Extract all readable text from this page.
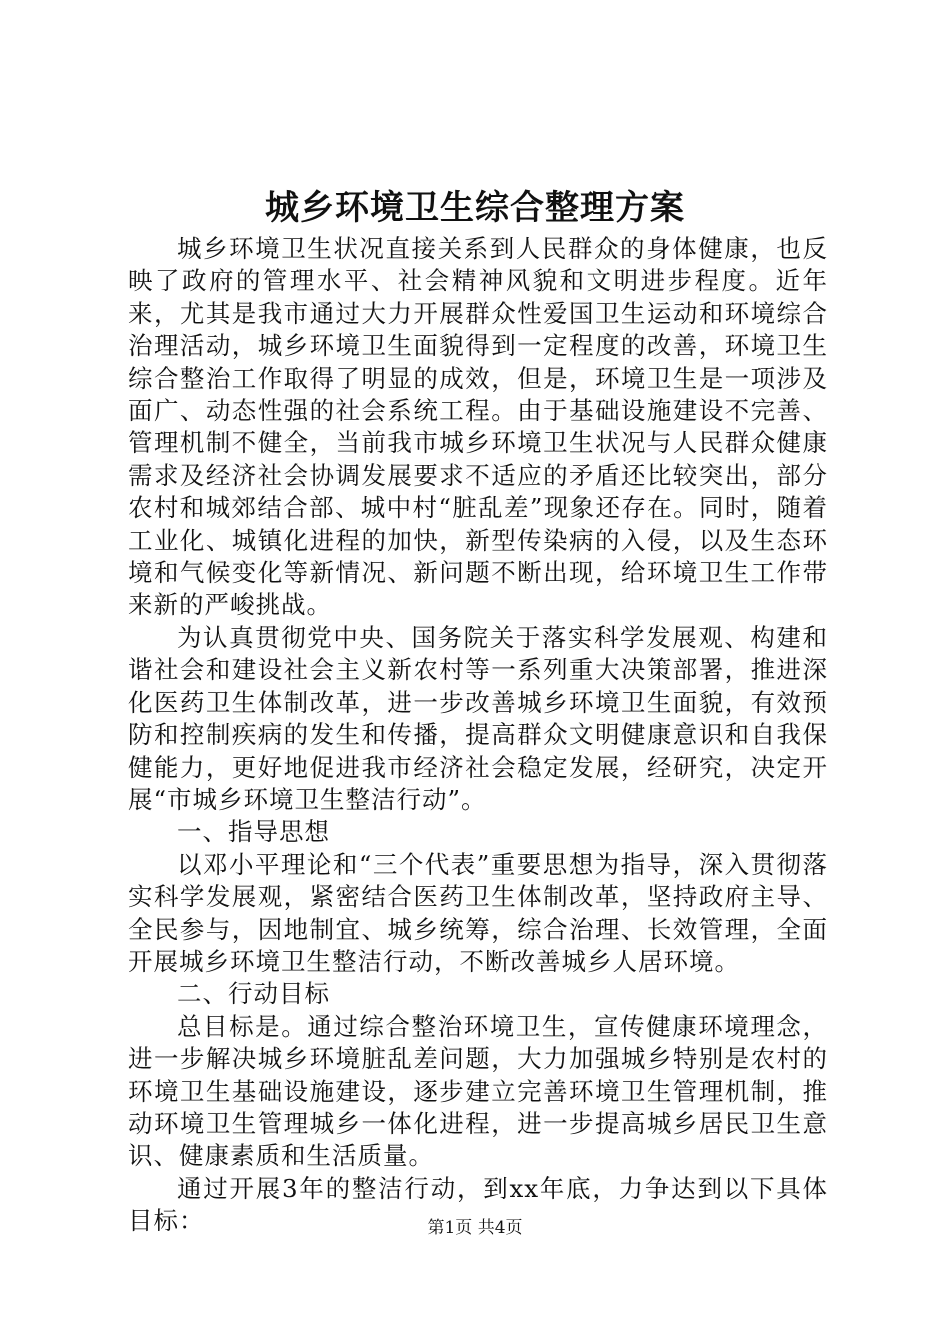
城乡环境卫生综合整理方案

城乡环境卫生状况直接关系到人民群众的身体健康，也反映了政府的管理水平、社会精神风貌和文明进步程度。近年来，尤其是我市通过大力开展群众性爱国卫生运动和环境综合治理活动，城乡环境卫生面貌得到一定程度的改善，环境卫生综合整治工作取得了明显的成效，但是，环境卫生是一项涉及面广、动态性强的社会系统工程。由于基础设施建设不完善、管理机制不健全，当前我市城乡环境卫生状况与人民群众健康需求及经济社会协调发展要求不适应的矛盾还比较突出，部分农村和城郊结合部、城中村“脏乱差”现象还存在。同时，随着工业化、城镇化进程的加快，新型传染病的入侵，以及生态环境和气候变化等新情况、新问题不断出现，给环境卫生工作带来新的严峻挑战。

为认真贯彻党中央、国务院关于落实科学发展观、构建和谐社会和建设社会主义新农村等一系列重大决策部署，推进深化医药卫生体制改革，进一步改善城乡环境卫生面貌，有效预防和控制疾病的发生和传播，提高群众文明健康意识和自我保健能力，更好地促进我市经济社会稳定发展，经研究，决定开展“市城乡环境卫生整洁行动”。

一、指导思想

以邓小平理论和“三个代表”重要思想为指导，深入贯彻落实科学发展观，紧密结合医药卫生体制改革，坚持政府主导、全民参与，因地制宜、城乡统筹，综合治理、长效管理，全面开展城乡环境卫生整洁行动，不断改善城乡人居环境。

二、行动目标

总目标是。通过综合整治环境卫生，宣传健康环境理念，进一步解决城乡环境脏乱差问题，大力加强城乡特别是农村的环境卫生基础设施建设，逐步建立完善环境卫生管理机制，推动环境卫生管理城乡一体化进程，进一步提高城乡居民卫生意识、健康素质和生活质量。

通过开展3年的整洁行动，到xx年底，力争达到以下具体目标：	第1页 共4页
